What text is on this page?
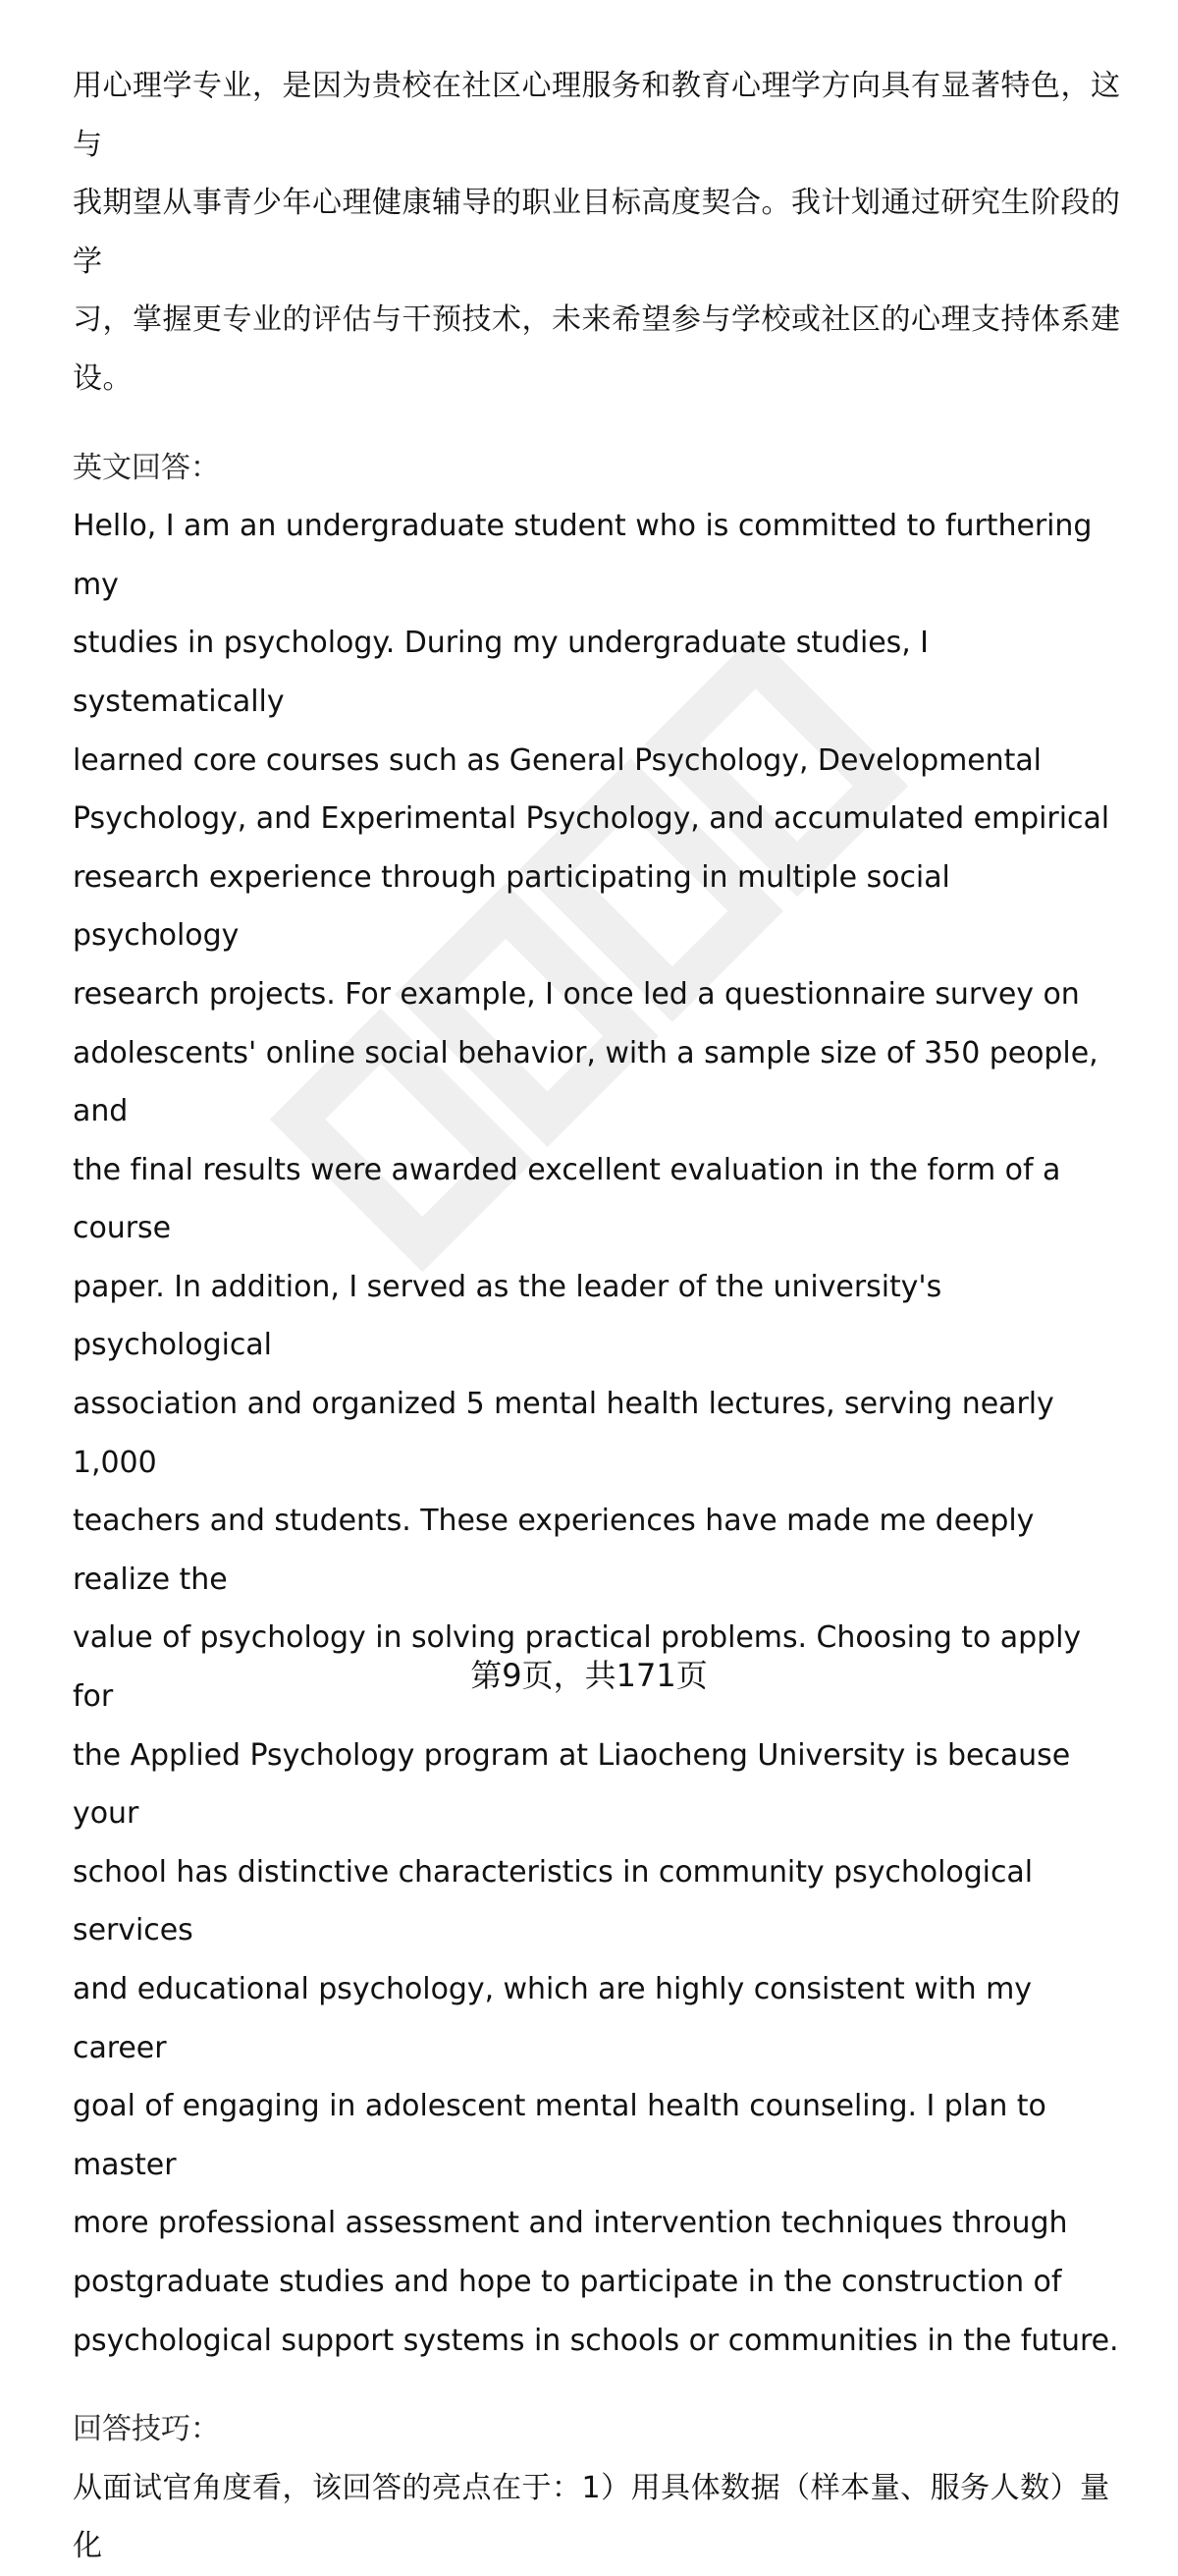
用心理学专业，是因为贵校在社区心理服务和教育心理学方向具有显著特色，这与
我期望从事青少年心理健康辅导的职业目标高度契合。我计划通过研究生阶段的学
习，掌握更专业的评估与干预技术，未来希望参与学校或社区的心理支持体系建
设。
英文回答：
Hello, I am an undergraduate student who is committed to furthering my
studies in psychology. During my undergraduate studies, I systematically
learned core courses such as General Psychology, Developmental
Psychology, and Experimental Psychology, and accumulated empirical
research experience through participating in multiple social psychology
research projects. For example, I once led a questionnaire survey on
adolescents' online social behavior, with a sample size of 350 people, and
the final results were awarded excellent evaluation in the form of a course
paper. In addition, I served as the leader of the university's psychological
association and organized 5 mental health lectures, serving nearly 1,000
teachers and students. These experiences have made me deeply realize the
value of psychology in solving practical problems. Choosing to apply for
the Applied Psychology program at Liaocheng University is because your
school has distinctive characteristics in community psychological services
and educational psychology, which are highly consistent with my career
goal of engaging in adolescent mental health counseling. I plan to master
more professional assessment and intervention techniques through
postgraduate studies and hope to participate in the construction of
psychological support systems in schools or communities in the future.
回答技巧：
从面试官角度看，该回答的亮点在于：1）用具体数据（样本量、服务人数）量化
第9页，共171页
